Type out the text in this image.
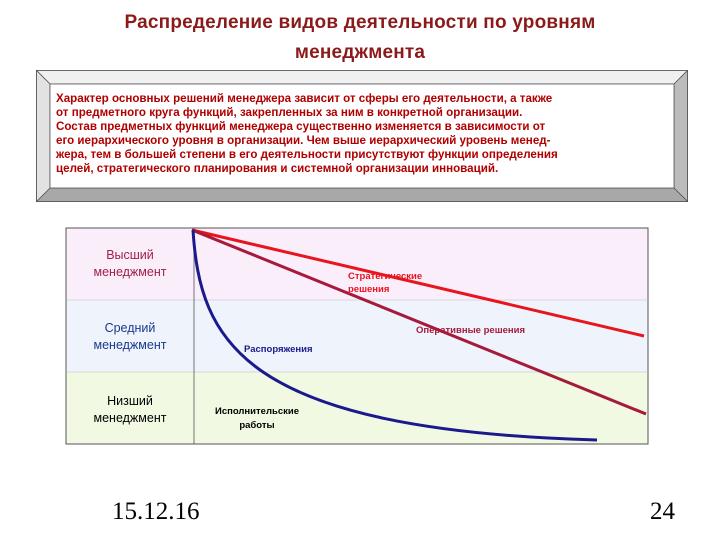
Распределение видов деятельности по уровням
менеджмента
Характер основных решений менеджера зависит от сферы его деятельности, а также
от предметного круга функций, закрепленных за ним в конкретной организации.
Состав предметных функций менеджера существенно изменяется в зависимости от
его иерархического уровня в организации. Чем выше иерархический уровень менед-
жера, тем в большей степени в его деятельности присутствуют функции определения
целей, стратегического планирования и системной организации инноваций.
Стратегические
решения
Оперативные решения
Распоряжения
Исполнительские
работы
Высший
менеджмент
Средний
менеджмент
Низший
менеджмент
15.12.16	24
